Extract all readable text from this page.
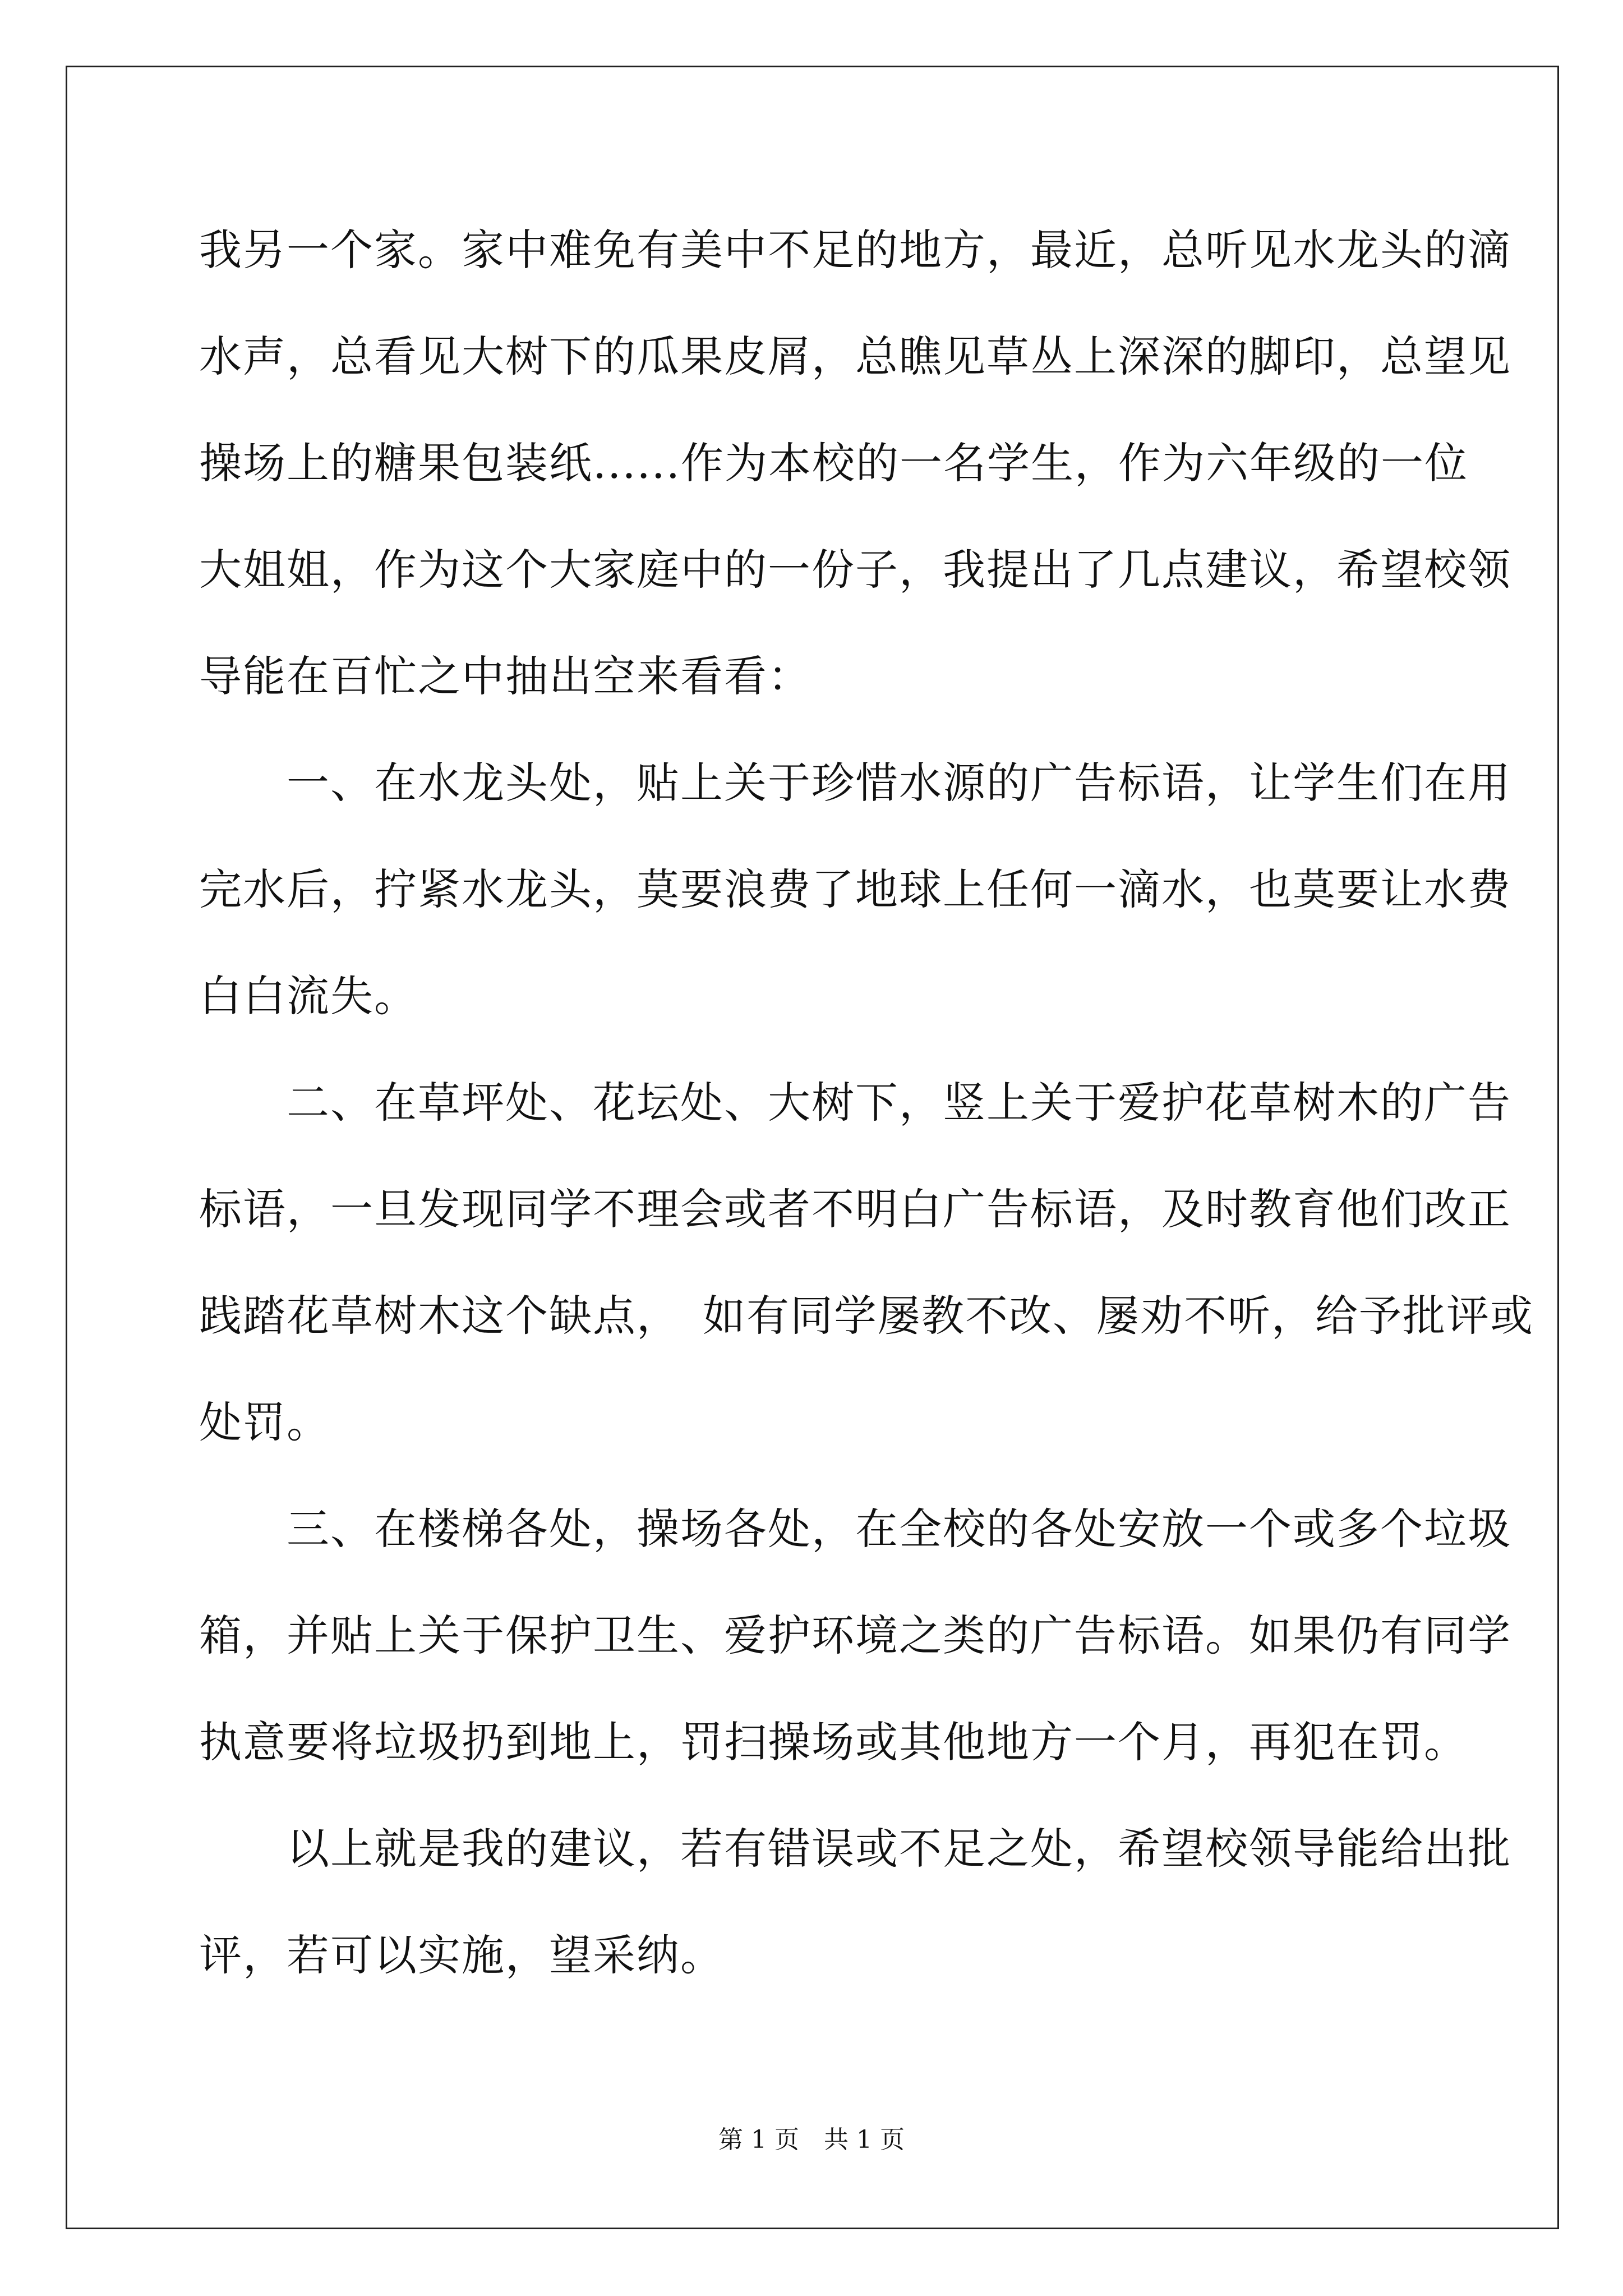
我另一个家。家中难免有美中不足的地方，最近，总听见水龙头的滴
水声，总看见大树下的瓜果皮屑，总瞧见草丛上深深的脚印，总望见
操场上的糖果包装纸......作为本校的一名学生，作为六年级的一位
大姐姐，作为这个大家庭中的一份子，我提出了几点建议，希望校领
导能在百忙之中抽出空来看看：
　　一、在水龙头处，贴上关于珍惜水源的广告标语，让学生们在用
完水后，拧紧水龙头，莫要浪费了地球上任何一滴水，也莫要让水费
白白流失。
　　二、在草坪处、花坛处、大树下，竖上关于爱护花草树木的广告
标语，一旦发现同学不理会或者不明白广告标语，及时教育他们改正
践踏花草树木这个缺点，　如有同学屡教不改、屡劝不听，给予批评或
处罚。
　　三、在楼梯各处，操场各处，在全校的各处安放一个或多个垃圾
箱，并贴上关于保护卫生、爱护环境之类的广告标语。如果仍有同学
执意要将垃圾扔到地上，罚扫操场或其他地方一个月，再犯在罚。
　　以上就是我的建议，若有错误或不足之处，希望校领导能给出批
评，若可以实施，望采纳。
第 1 页　共 1 页
